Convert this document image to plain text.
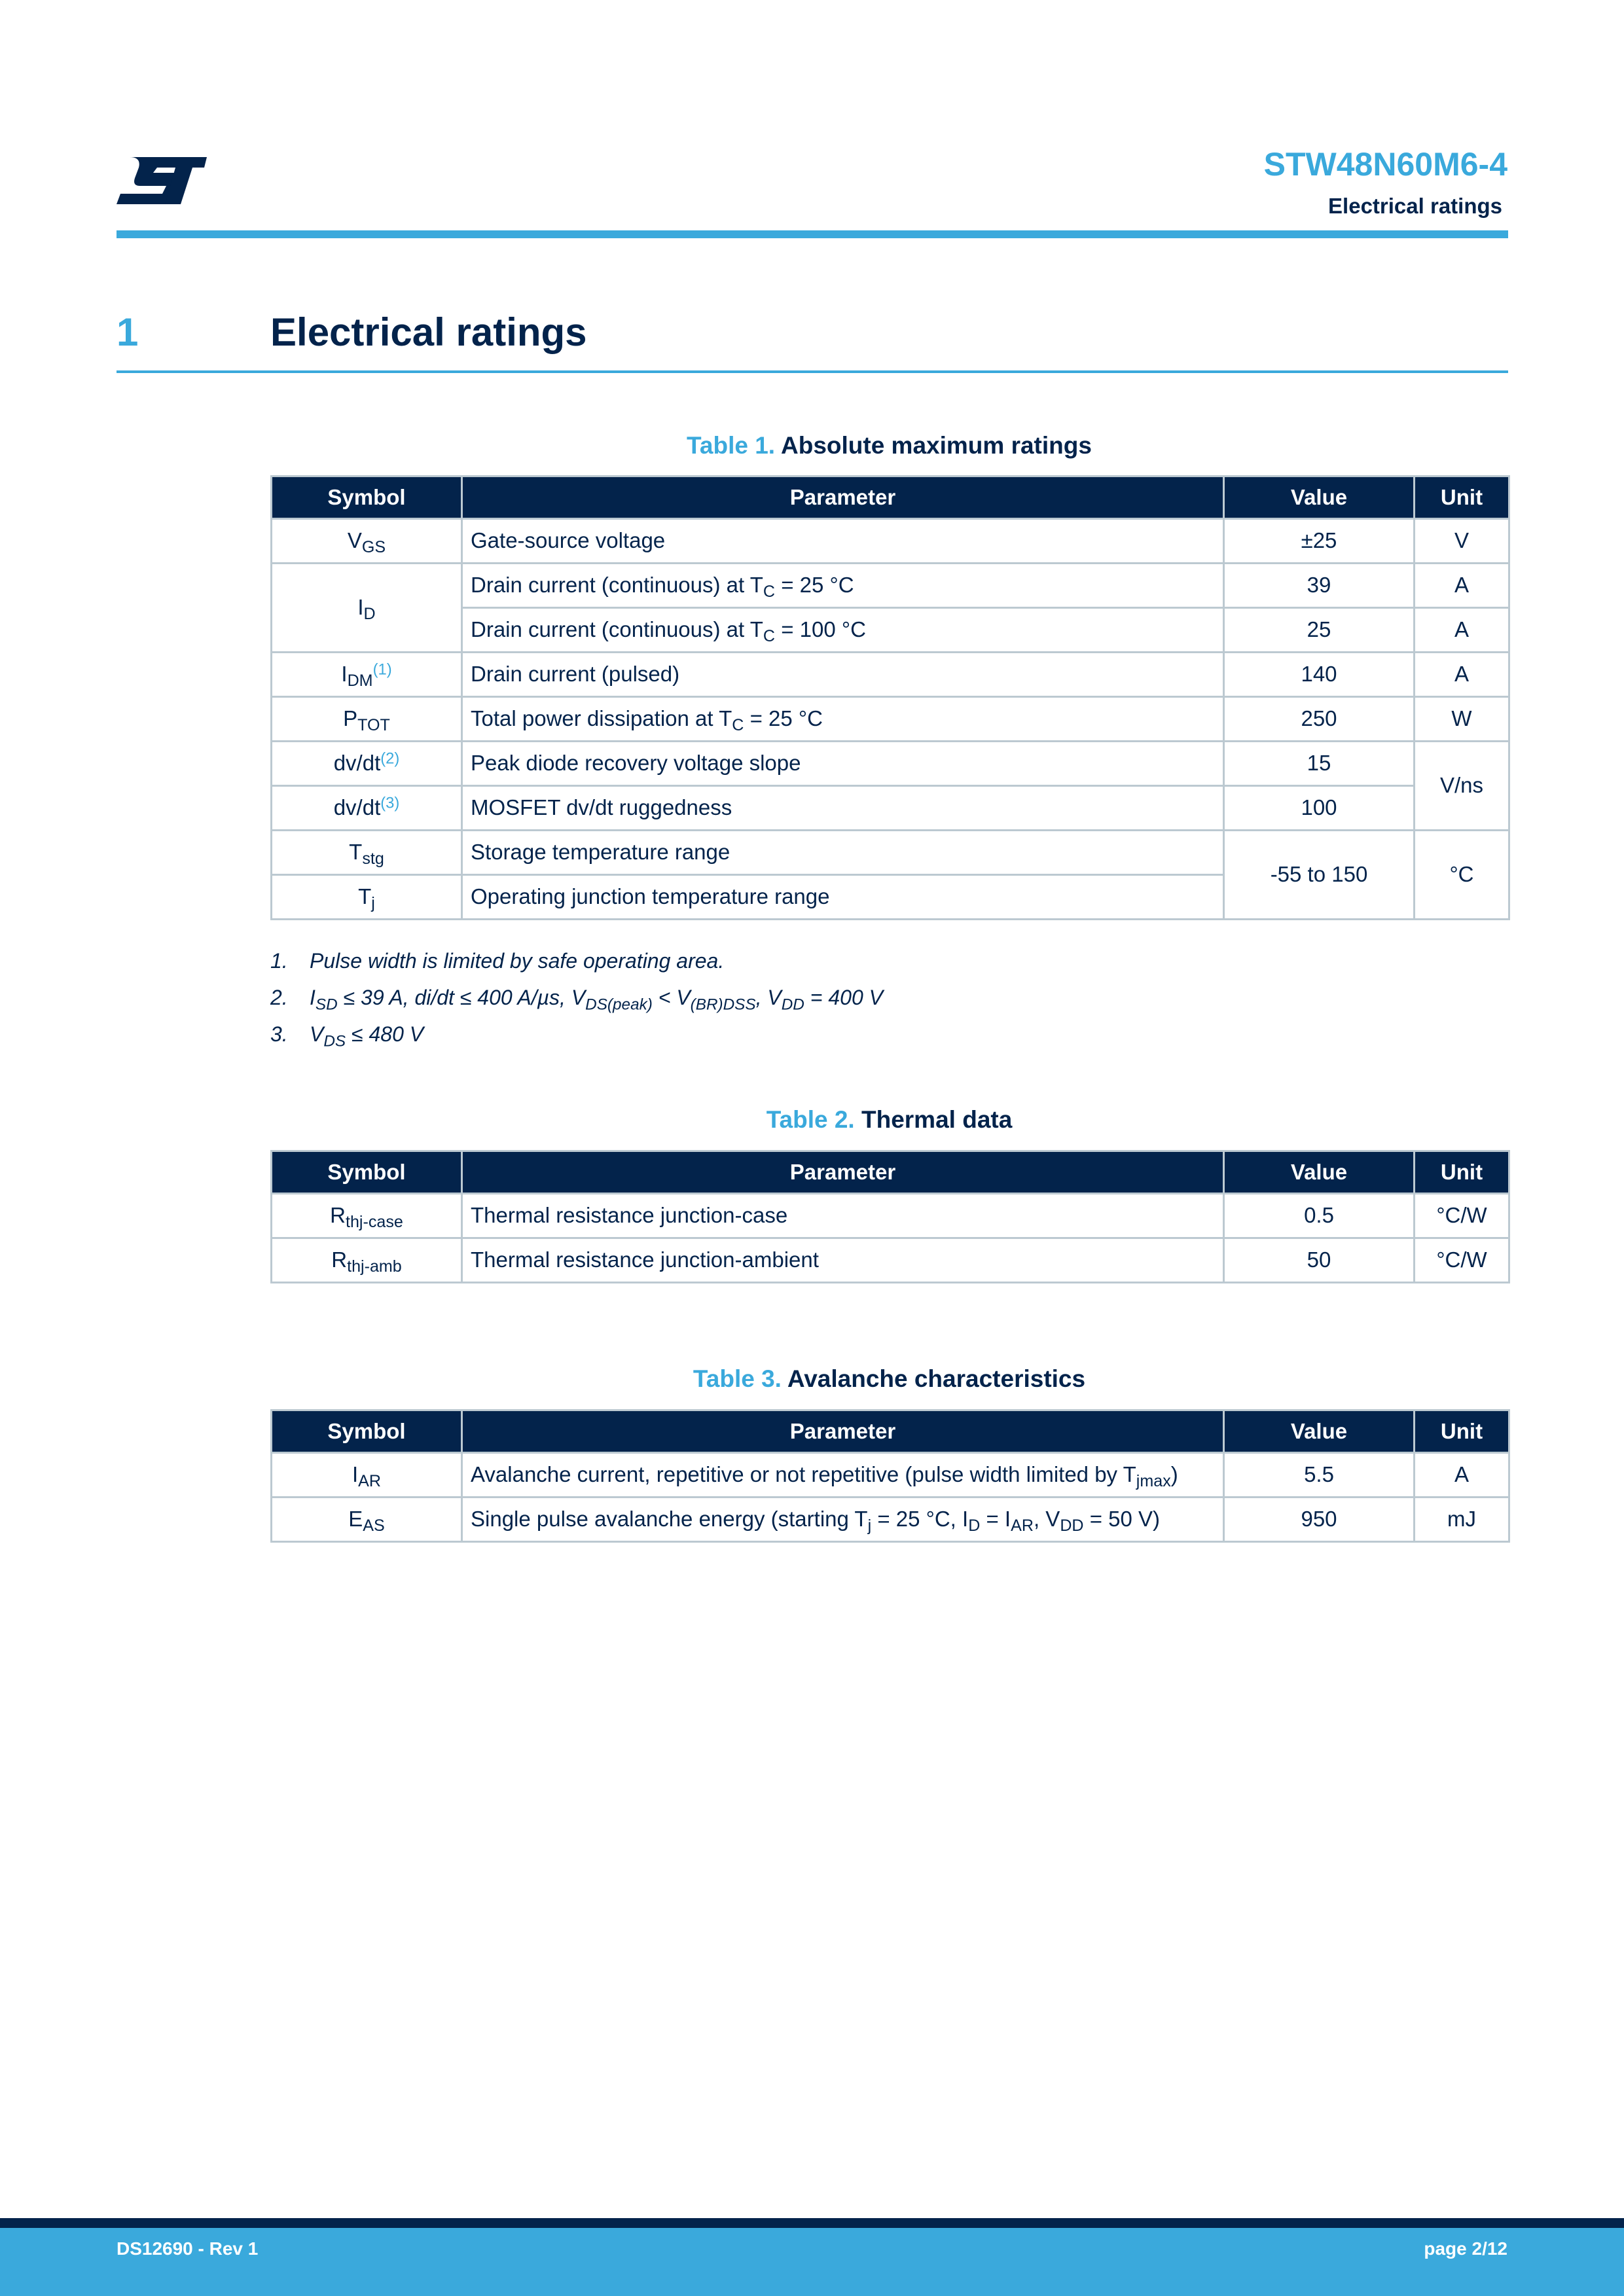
STW48N60M6-4
Electrical ratings
1	Electrical ratings
Table 1. Absolute maximum ratings
Symbol	Parameter	Value	Unit
$V_{GS}$	Gate-source voltage	±25	V
$I_D$	Drain current (continuous) at $T_C = 25$ °C	39	A
	Drain current (continuous) at $T_C = 100$ °C	25	A
$I_{DM}^{(1)}$	Drain current (pulsed)	140	A
$P_{TOT}$	Total power dissipation at $T_C = 25$ °C	250	W
dv/dt$^{(2)}$	Peak diode recovery voltage slope	15	V/ns
dv/dt$^{(3)}$	MOSFET dv/dt ruggedness	100	
$T_{stg}$	Storage temperature range	-55 to 150	°C
$T_j$	Operating junction temperature range		
1. Pulse width is limited by safe operating area.
2. $I_{SD} \le 39$ A, di/dt ≤ 400 A/µs, $V_{DS(peak)} < V_{(BR)DSS}$, $V_{DD} = 400$ V
3. $V_{DS} \le 480$ V
Table 2. Thermal data
Symbol	Parameter	Value	Unit
$R_{thj-case}$	Thermal resistance junction-case	0.5	°C/W
$R_{thj-amb}$	Thermal resistance junction-ambient	50	°C/W
Table 3. Avalanche characteristics
Symbol	Parameter	Value	Unit
$I_{AR}$	Avalanche current, repetitive or not repetitive (pulse width limited by $T_{jmax}$)	5.5	A
$E_{AS}$	Single pulse avalanche energy (starting $T_j = 25$ °C, $I_D = I_{AR}$, $V_{DD} = 50$ V)	950	mJ
DS12690 - Rev 1	page 2/12
